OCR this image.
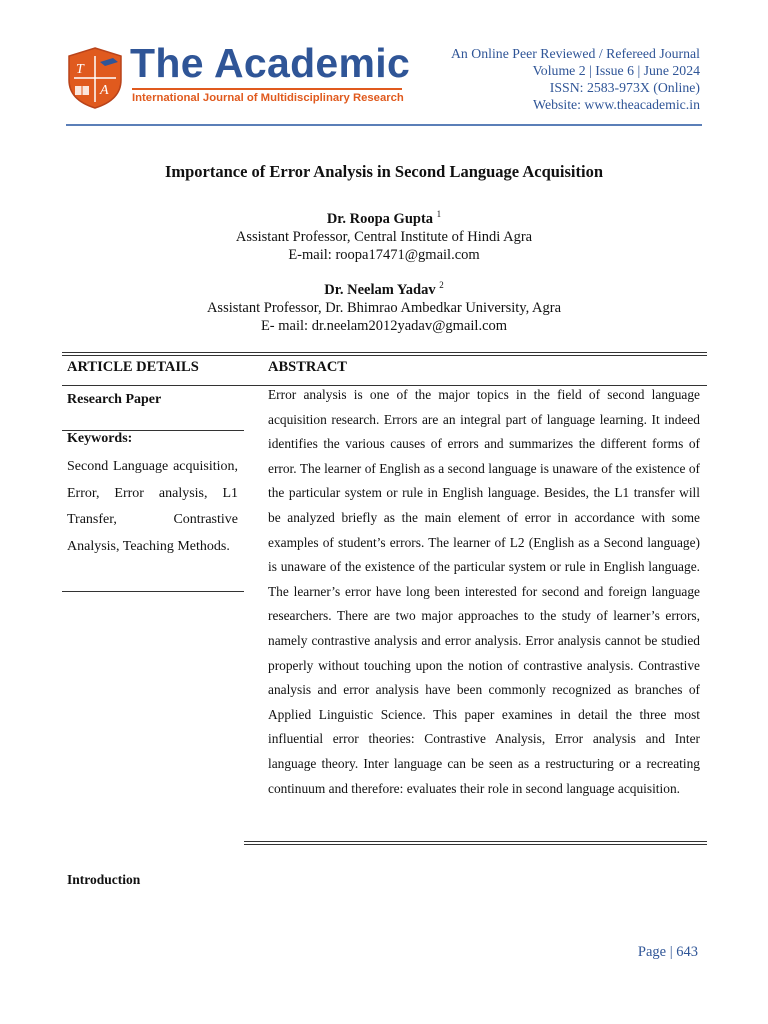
T
A
The Academic
International Journal of Multidisciplinary Research
An Online Peer Reviewed / Refereed Journal
Volume 2 | Issue 6 | June 2024
ISSN: 2583-973X (Online)
Website: www.theacademic.in
Importance of Error Analysis in Second Language Acquisition
Dr. Roopa Gupta $^1$
Assistant Professor, Central Institute of Hindi Agra
E-mail: roopa17471@gmail.com
Dr. Neelam Yadav $^2$
Assistant Professor, Dr. Bhimrao Ambedkar University, Agra
E- mail: dr.neelam2012yadav@gmail.com
ARTICLE DETAILS
Research Paper
Keywords:
Second Language acquisition, Error, Error analysis, L1 Transfer, Contrastive Analysis, Teaching Methods.
ABSTRACT
Error analysis is one of the major topics in the field of second language acquisition research. Errors are an integral part of language learning. It indeed identifies the various causes of errors and summarizes the different forms of error. The learner of English as a second language is unaware of the existence of the particular system or rule in English language. Besides, the L1 transfer will be analyzed briefly as the main element of error in accordance with some examples of student’s errors. The learner of L2 (English as a Second language) is unaware of the existence of the particular system or rule in English language. The learner’s error have long been interested for second and foreign language researchers. There are two major approaches to the study of learner’s errors, namely contrastive analysis and error analysis. Error analysis cannot be studied properly without touching upon the notion of contrastive analysis. Contrastive analysis and error analysis have been commonly recognized as branches of Applied Linguistic Science. This paper examines in detail the three most influential error theories: Contrastive Analysis, Error analysis and Inter language theory. Inter language can be seen as a restructuring or a recreating continuum and therefore: evaluates their role in second language acquisition.
Introduction
Page | 643
